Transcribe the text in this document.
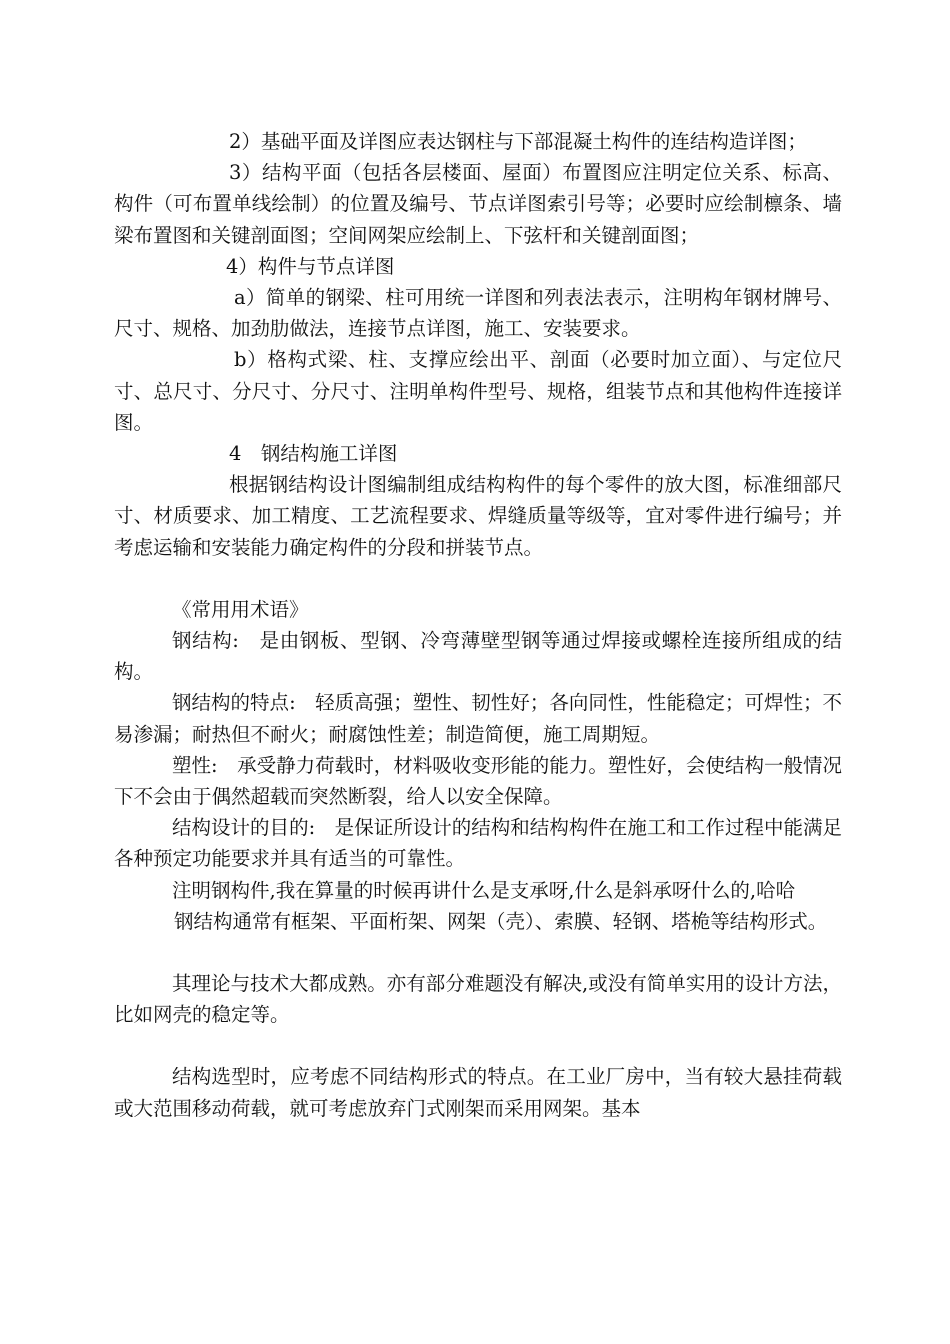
2）基础平面及详图应表达钢柱与下部混凝土构件的连结构造详图；

3）结构平面（包括各层楼面、屋面）布置图应注明定位关系、标高、构件（可布置单线绘制）的位置及编号、节点详图索引号等；必要时应绘制檩条、墙梁布置图和关键剖面图；空间网架应绘制上、下弦杆和关键剖面图；

4）构件与节点详图

a）简单的钢梁、柱可用统一详图和列表法表示，注明构年钢材牌号、尺寸、规格、加劲肋做法，连接节点详图，施工、安装要求。

b）格构式梁、柱、支撑应绘出平、剖面（必要时加立面）、与定位尺寸、总尺寸、分尺寸、分尺寸、注明单构件型号、规格，组装节点和其他构件连接详图。

4　钢结构施工详图

根据钢结构设计图编制组成结构构件的每个零件的放大图，标准细部尺寸、材质要求、加工精度、工艺流程要求、焊缝质量等级等，宜对零件进行编号；并考虑运输和安装能力确定构件的分段和拼装节点。

《常用用术语》

钢结构:　是由钢板、型钢、冷弯薄壁型钢等通过焊接或螺栓连接所组成的结构。

钢结构的特点:　轻质高强；塑性、韧性好；各向同性，性能稳定；可焊性；不易渗漏；耐热但不耐火；耐腐蚀性差；制造简便，施工周期短。

塑性:　承受静力荷载时，材料吸收变形能的能力。塑性好，会使结构一般情况下不会由于偶然超载而突然断裂，给人以安全保障。

结构设计的目的:　是保证所设计的结构和结构构件在施工和工作过程中能满足各种预定功能要求并具有适当的可靠性。

注明钢构件,我在算量的时候再讲什么是支承呀,什么是斜承呀什么的,哈哈

钢结构通常有框架、平面桁架、网架（壳）、索膜、轻钢、塔桅等结构形式。

其理论与技术大都成熟。亦有部分难题没有解决,或没有简单实用的设计方法，比如网壳的稳定等。

结构选型时，应考虑不同结构形式的特点。在工业厂房中，当有较大悬挂荷载或大范围移动荷载，就可考虑放弃门式刚架而采用网架。基本
